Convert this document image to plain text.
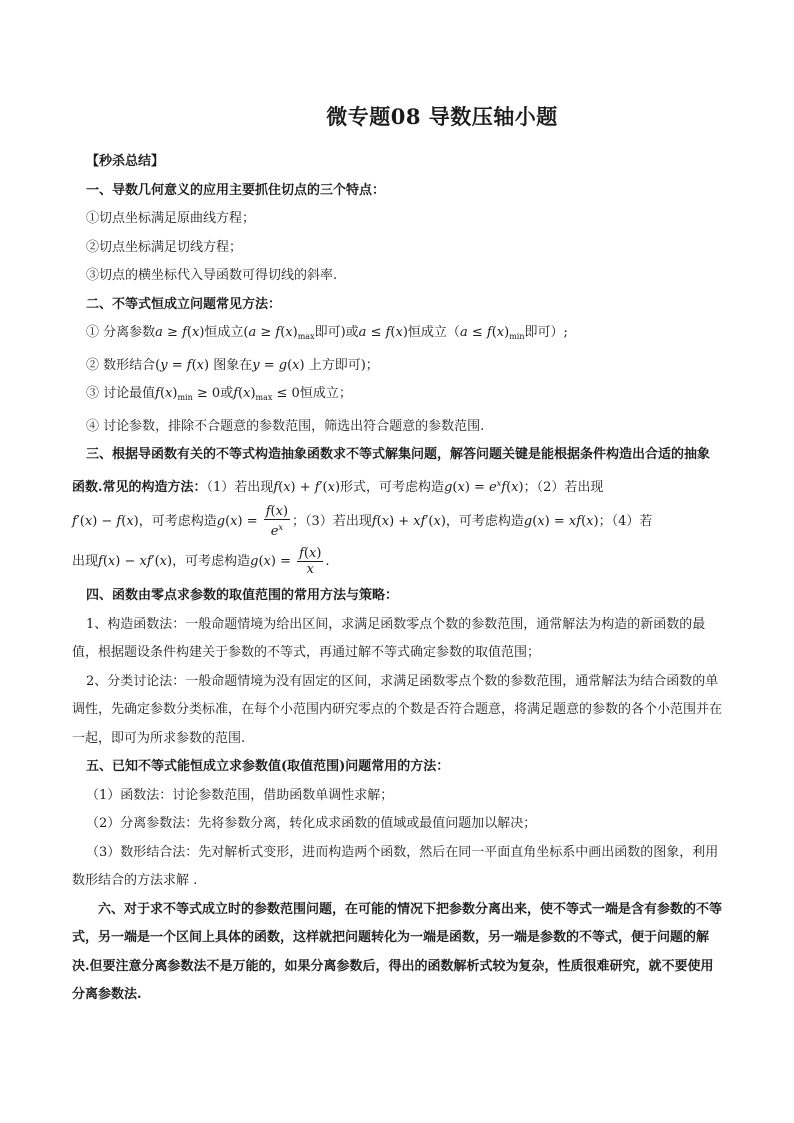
微专题08 导数压轴小题

【秒杀总结】

一、导数几何意义的应用主要抓住切点的三个特点：

①切点坐标满足原曲线方程；

②切点坐标满足切线方程；

③切点的横坐标代入导函数可得切线的斜率.

二、不等式恒成立问题常见方法：

① 分离参数a ≥ f(x)恒成立($a \ge f(x)_{max}$即可)或a ≤ f(x)恒成立（$a \le f(x)_{min}$即可）;

② 数形结合(y = f(x) 图象在y = g(x) 上方即可)；

③ 讨论最值$f(x)_{min} \ge 0$或$f(x)_{max} \le 0$恒成立；

④ 讨论参数，排除不合题意的参数范围，筛选出符合题意的参数范围.

三、根据导函数有关的不等式构造抽象函数求不等式解集问题，解答问题关键是能根据条件构造出合适的抽象函数.常见的构造方法：（1）若出现f(x) + f′(x)形式，可考虑构造$g(x) = e^xf(x)$；（2）若出现

f′(x) − f(x)，可考虑构造$g(x) = \frac{f(x)}{e^x}$ ；（3）若出现f(x) + xf′(x)，可考虑构造g(x) = xf(x)；（4）若

出现f(x) − xf′(x)，可考虑构造$g(x) = \frac{f(x)}{x}$ .

四、函数由零点求参数的取值范围的常用方法与策略：

1、构造函数法：一般命题情境为给出区间，求满足函数零点个数的参数范围，通常解法为构造的新函数的最值，根据题设条件构建关于参数的不等式，再通过解不等式确定参数的取值范围；

2、分类讨论法：一般命题情境为没有固定的区间，求满足函数零点个数的参数范围，通常解法为结合函数的单调性，先确定参数分类标准，在每个小范围内研究零点的个数是否符合题意，将满足题意的参数的各个小范围并在一起，即可为所求参数的范围.

五、已知不等式能恒成立求参数值(取值范围)问题常用的方法：

（1）函数法：讨论参数范围，借助函数单调性求解；

（2）分离参数法：先将参数分离，转化成求函数的值域或最值问题加以解决；

（3）数形结合法：先对解析式变形，进而构造两个函数，然后在同一平面直角坐标系中画出函数的图象，利用数形结合的方法求解 .

六、对于求不等式成立时的参数范围问题，在可能的情况下把参数分离出来，使不等式一端是含有参数的不等式，另一端是一个区间上具体的函数，这样就把问题转化为一端是函数，另一端是参数的不等式，便于问题的解决.但要注意分离参数法不是万能的，如果分离参数后，得出的函数解析式较为复杂，性质很难研究，就不要使用分离参数法.
